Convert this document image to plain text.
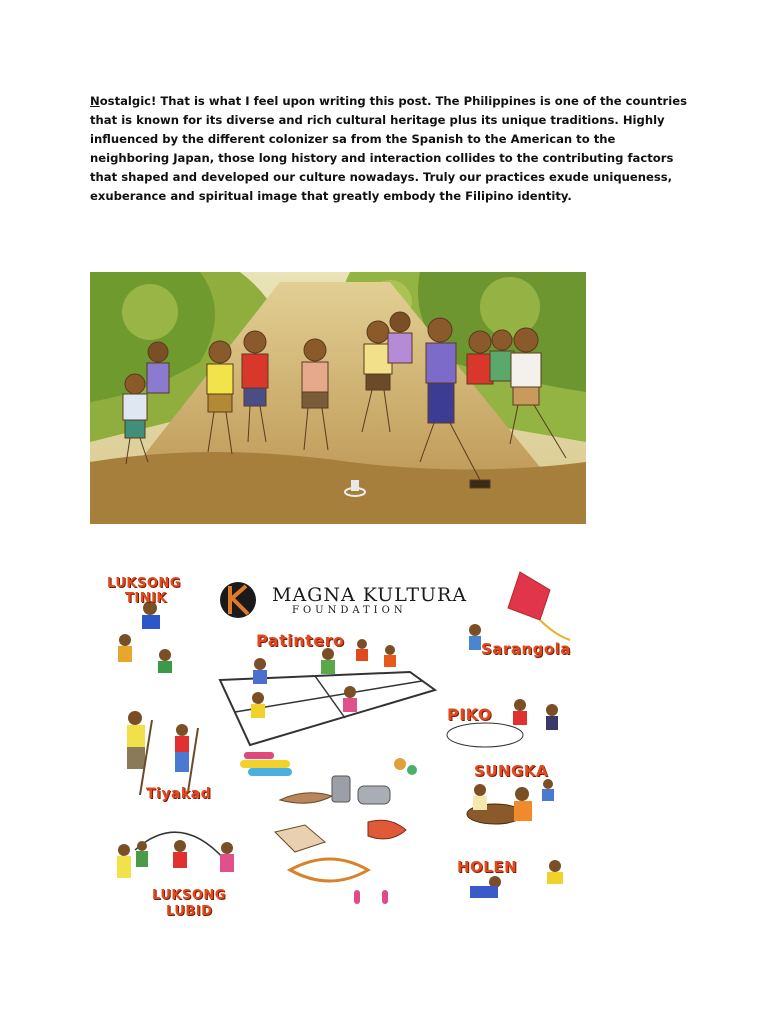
Nostalgic! That is what I feel upon writing this post. The Philippines is one of the countries that is known for its diverse and rich cultural heritage plus its unique traditions. Highly influenced by the different colonizer sa from the Spanish to the American to the neighboring Japan, those long history and interaction collides to the contributing factors that shaped and developed our culture nowadays. Truly our practices exude uniqueness, exuberance and spiritual image that greatly embody the Filipino identity.
MAGNA KULTURA
FOUNDATION
LUKSONG
TINIK
Patintero	Sarangola
PIKO
Tiyakad
SUNGKA
HOLEN
LUKSONG
LUBID
